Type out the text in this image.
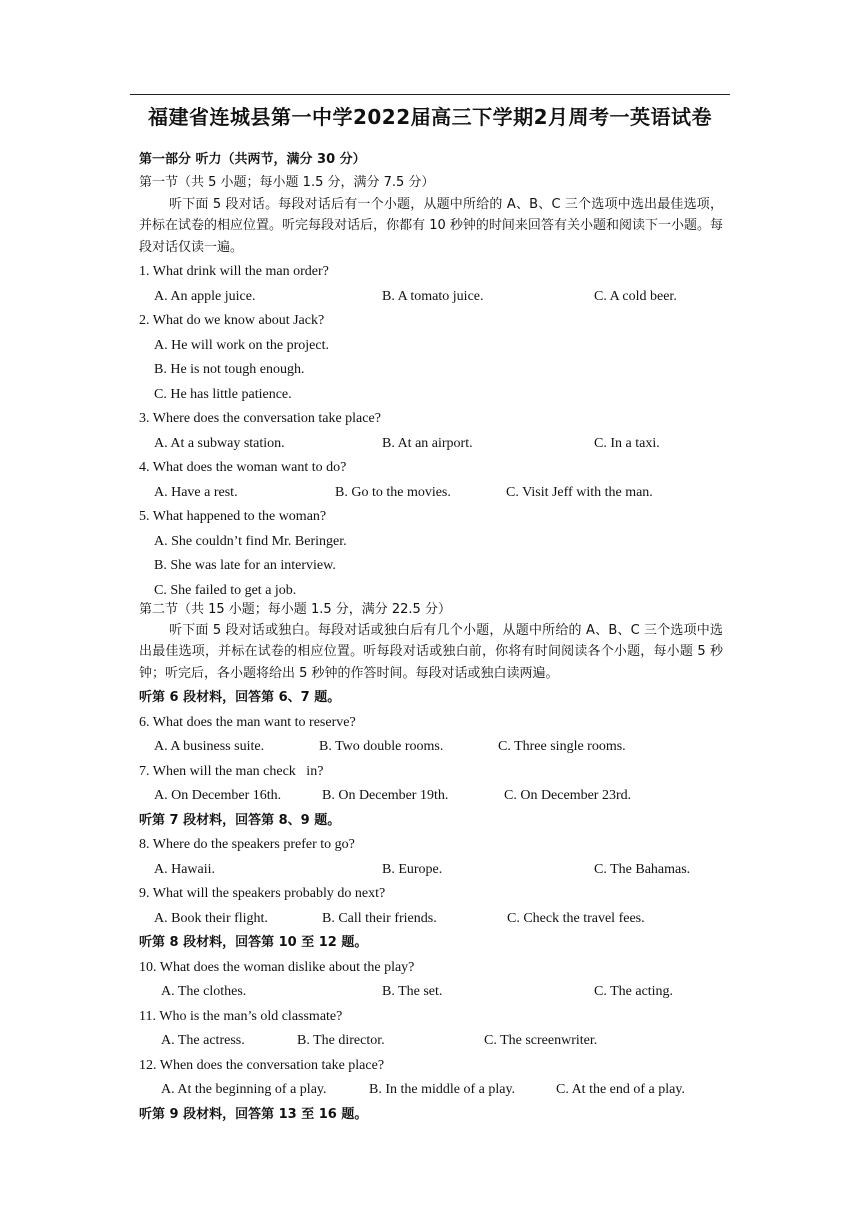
福建省连城县第一中学2022届高三下学期2月周考一英语试卷
第一部分 听力（共两节，满分 30 分）
第一节（共 5 小题；每小题 1.5 分，满分 7.5 分）
听下面 5 段对话。每段对话后有一个小题，从题中所给的 A、B、C 三个选项中选出最佳选项， 并标在试卷的相应位置。听完每段对话后，你都有 10 秒钟的时间来回答有关小题和阅读下一小题。每段对话仅读一遍。
1. What drink will the man order?
A. An apple juice.	B. A tomato juice.	C. A cold beer.
2. What do we know about Jack?
A. He will work on the project.
B. He is not tough enough.
C. He has little patience.
3. Where does the conversation take place?
A. At a subway station.	B. At an airport.	C. In a taxi.
4. What does the woman want to do?
A. Have a rest.	B. Go to the movies.	C. Visit Jeff with the man.
5. What happened to the woman?
A. She couldn’t find Mr. Beringer.
B. She was late for an interview.
C. She failed to get a job.
第二节（共 15 小题；每小题 1.5 分，满分 22.5 分）
听下面 5 段对话或独白。每段对话或独白后有几个小题，从题中所给的 A、B、C 三个选项中选出最佳选项，并标在试卷的相应位置。听每段对话或独白前，你将有时间阅读各个小题，每小题 5 秒钟；听完后，各小题将给出 5 秒钟的作答时间。每段对话或独白读两遍。
听第 6 段材料，回答第 6、7 题。
6. What does the man want to reserve?
A. A business suite.	B. Two double rooms.	C. Three single rooms.
7. When will the man check   in?
A. On December 16th.	B. On December 19th.	C. On December 23rd.
听第 7 段材料，回答第 8、9 题。
8. Where do the speakers prefer to go?
A. Hawaii.	B. Europe.	C. The Bahamas.
9. What will the speakers probably do next?
A. Book their flight.	B. Call their friends.	C. Check the travel fees.
听第 8 段材料，回答第 10 至 12 题。
10. What does the woman dislike about the play?
A. The clothes.	B. The set.	C. The acting.
11. Who is the man’s old classmate?
A. The actress.	B. The director.	C. The screenwriter.
12. When does the conversation take place?
A. At the beginning of a play.	B. In the middle of a play.	C. At the end of a play.
听第 9 段材料，回答第 13 至 16 题。
